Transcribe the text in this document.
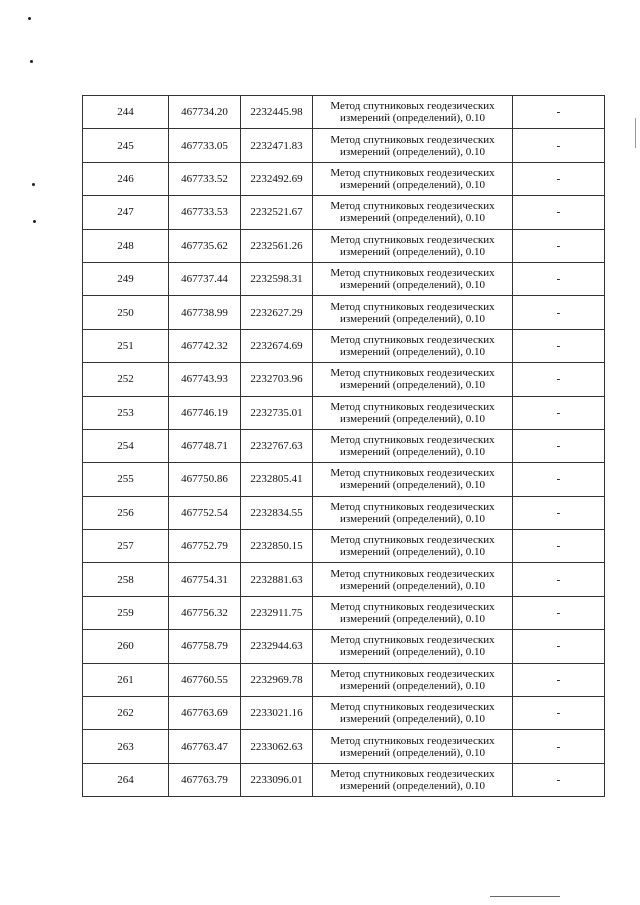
244	467734.20	2232445.98	Метод спутниковых геодезических
измерений (определений), 0.10	-
245	467733.05	2232471.83	Метод спутниковых геодезических
измерений (определений), 0.10	-
246	467733.52	2232492.69	Метод спутниковых геодезических
измерений (определений), 0.10	-
247	467733.53	2232521.67	Метод спутниковых геодезических
измерений (определений), 0.10	-
248	467735.62	2232561.26	Метод спутниковых геодезических
измерений (определений), 0.10	-
249	467737.44	2232598.31	Метод спутниковых геодезических
измерений (определений), 0.10	-
250	467738.99	2232627.29	Метод спутниковых геодезических
измерений (определений), 0.10	-
251	467742.32	2232674.69	Метод спутниковых геодезических
измерений (определений), 0.10	-
252	467743.93	2232703.96	Метод спутниковых геодезических
измерений (определений), 0.10	-
253	467746.19	2232735.01	Метод спутниковых геодезических
измерений (определений), 0.10	-
254	467748.71	2232767.63	Метод спутниковых геодезических
измерений (определений), 0.10	-
255	467750.86	2232805.41	Метод спутниковых геодезических
измерений (определений), 0.10	-
256	467752.54	2232834.55	Метод спутниковых геодезических
измерений (определений), 0.10	-
257	467752.79	2232850.15	Метод спутниковых геодезических
измерений (определений), 0.10	-
258	467754.31	2232881.63	Метод спутниковых геодезических
измерений (определений), 0.10	-
259	467756.32	2232911.75	Метод спутниковых геодезических
измерений (определений), 0.10	-
260	467758.79	2232944.63	Метод спутниковых геодезических
измерений (определений), 0.10	-
261	467760.55	2232969.78	Метод спутниковых геодезических
измерений (определений), 0.10	-
262	467763.69	2233021.16	Метод спутниковых геодезических
измерений (определений), 0.10	-
263	467763.47	2233062.63	Метод спутниковых геодезических
измерений (определений), 0.10	-
264	467763.79	2233096.01	Метод спутниковых геодезических
измерений (определений), 0.10	-
